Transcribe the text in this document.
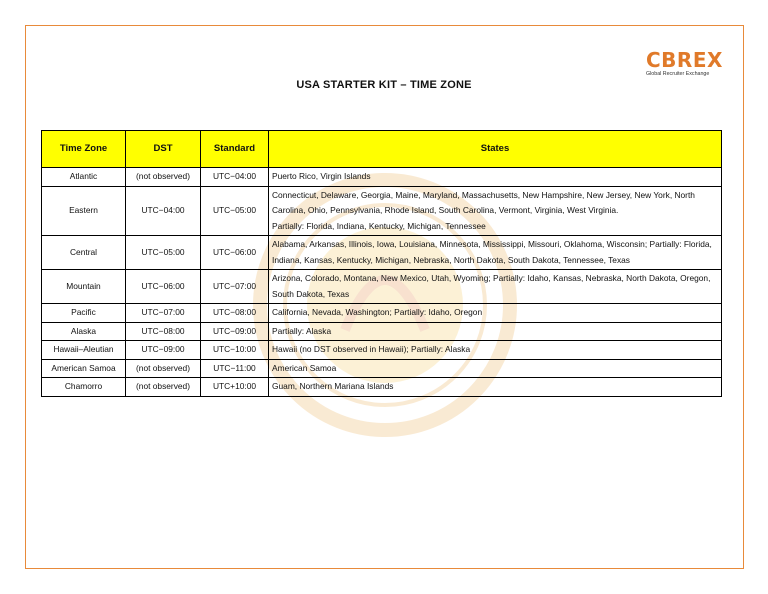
CBREX
Global Recruiter Exchange
USA STARTER KIT – TIME ZONE
Time Zone	DST	Standard	States
Atlantic	(not observed)	UTC−04:00	Puerto Rico, Virgin Islands
Eastern	UTC−04:00	UTC−05:00	Connecticut, Delaware, Georgia, Maine, Maryland, Massachusetts, New Hampshire, New Jersey, New York, North Carolina, Ohio, Pennsylvania, Rhode Island, South Carolina, Vermont, Virginia, West Virginia.
Partially: Florida, Indiana, Kentucky, Michigan, Tennessee

Central	UTC−05:00	UTC−06:00	Alabama, Arkansas, Illinois, Iowa, Louisiana, Minnesota, Mississippi, Missouri, Oklahoma, Wisconsin; Partially: Florida, Indiana, Kansas, Kentucky, Michigan, Nebraska, North Dakota, South Dakota, Tennessee, Texas
Mountain	UTC−06:00	UTC−07:00	Arizona, Colorado, Montana, New Mexico, Utah, Wyoming; Partially: Idaho, Kansas, Nebraska, North Dakota, Oregon, South Dakota, Texas
Pacific	UTC−07:00	UTC−08:00	California, Nevada, Washington; Partially: Idaho, Oregon
Alaska	UTC−08:00	UTC−09:00	Partially: Alaska
Hawaii–Aleutian	UTC−09:00	UTC−10:00	Hawaii (no DST observed in Hawaii); Partially: Alaska
American Samoa	(not observed)	UTC−11:00	American Samoa
Chamorro	(not observed)	UTC+10:00	Guam, Northern Mariana Islands
